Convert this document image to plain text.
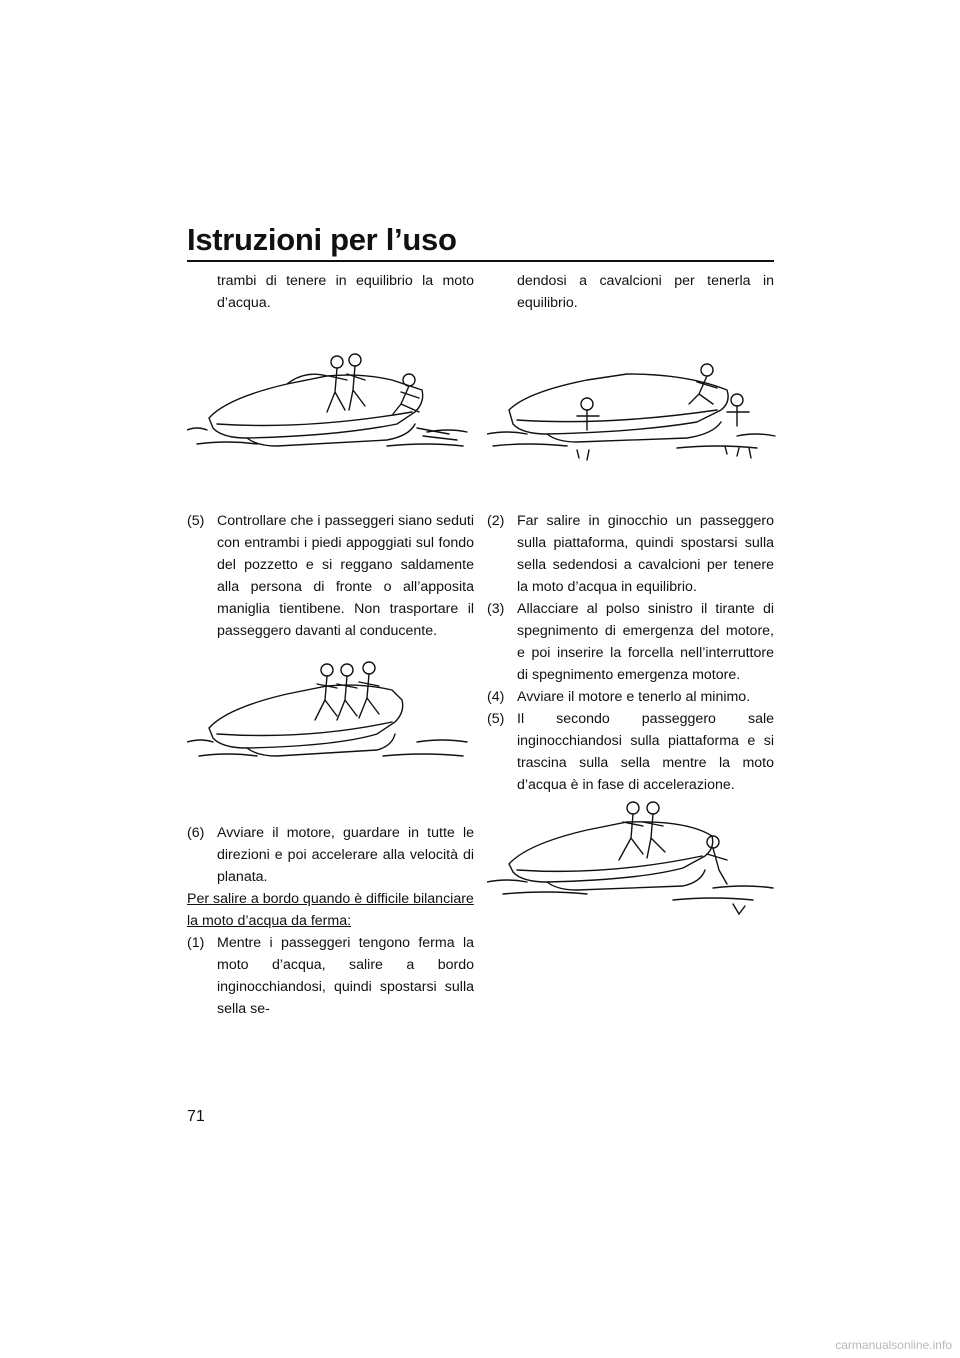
Istruzioni per l’uso

trambi di tenere in equilibrio la moto d’acqua.

(5) Controllare che i passeggeri siano seduti con entrambi i piedi appoggiati sul fondo del pozzetto e si reggano saldamente alla persona di fronte o all’apposita maniglia tientibene. Non trasportare il passeggero davanti al conducente.
(6) Avviare il motore, guardare in tutte le direzioni e poi accelerare alla velocità di planata.

Per salire a bordo quando è difficile bilanciare la moto d’acqua da ferma:

(1) Mentre i passeggeri tengono ferma la moto d’acqua, salire a bordo inginocchiandosi, quindi spostarsi sulla sella se-

dendosi a cavalcioni per tenerla in equilibrio.

(2) Far salire in ginocchio un passeggero sulla piattaforma, quindi spostarsi sulla sella sedendosi a cavalcioni per tenere la moto d’acqua in equilibrio.
(3) Allacciare al polso sinistro il tirante di spegnimento di emergenza del motore, e poi inserire la forcella nell’interruttore di spegnimento emergenza motore.
(4) Avviare il motore e tenerlo al minimo.
(5) Il secondo passeggero sale inginocchiandosi sulla piattaforma e si trascina sulla sella mentre la moto d’acqua è in fase di accelerazione.
71
carmanualsonline.info
